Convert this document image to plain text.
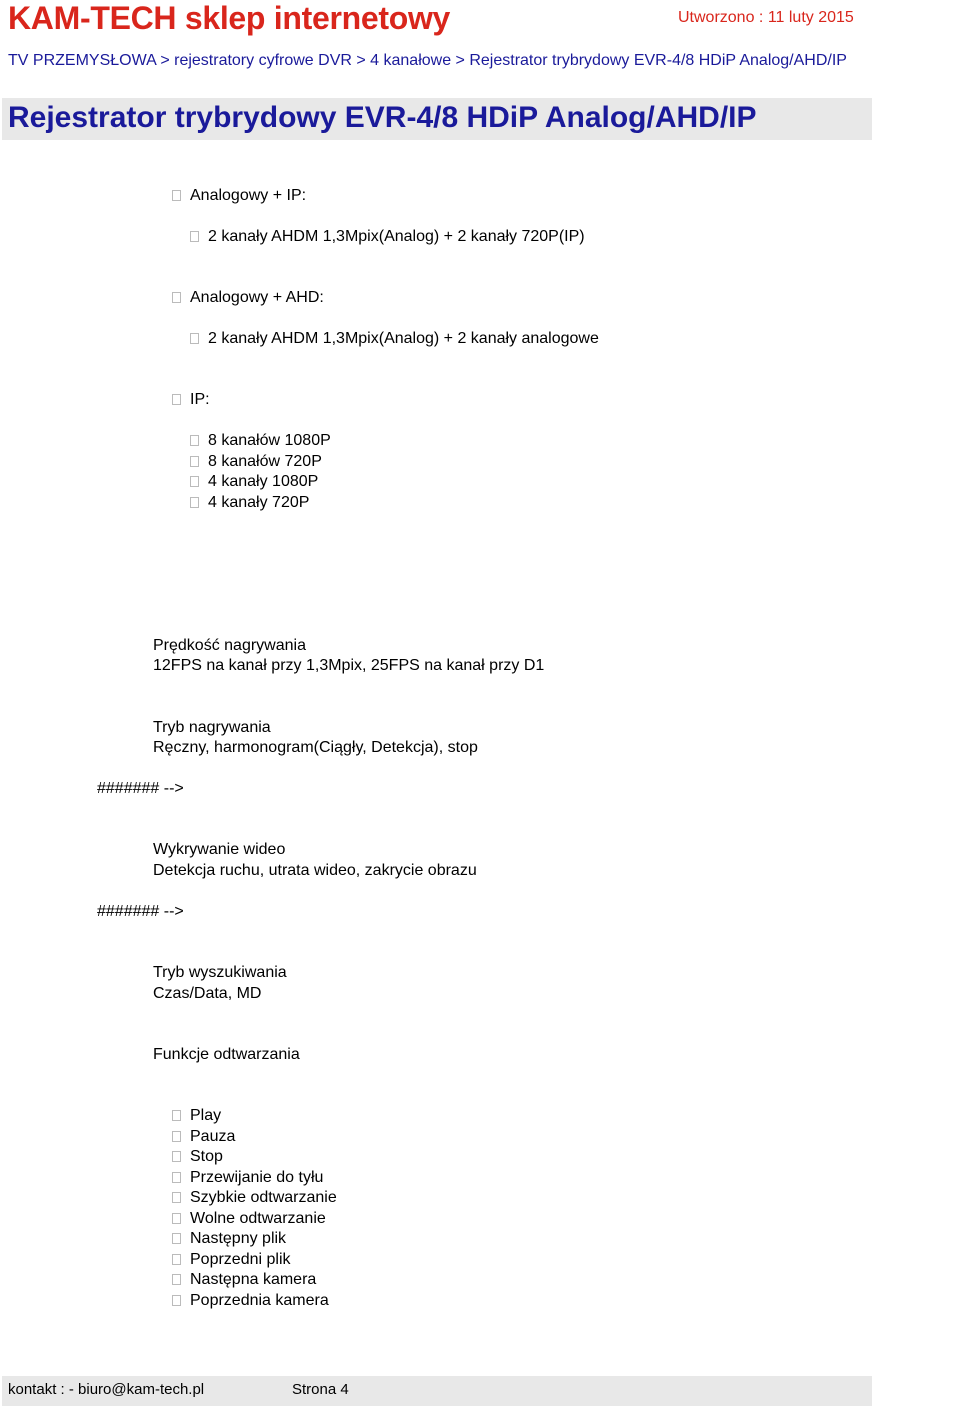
KAM-TECH sklep internetowy	Utworzono : 11 luty 2015
TV PRZEMYSŁOWA > rejestratory cyfrowe DVR > 4 kanałowe > Rejestrator trybrydowy EVR-4/8 HDiP Analog/AHD/IP
Rejestrator trybrydowy EVR-4/8 HDiP Analog/AHD/IP
Analogowy + IP:
2 kanały AHDM 1,3Mpix(Analog) + 2 kanały 720P(IP)
Analogowy + AHD:
2 kanały AHDM 1,3Mpix(Analog) + 2 kanały analogowe
IP:
8 kanałów 1080P
8 kanałów 720P
4 kanały 1080P
4 kanały 720P
Prędkość nagrywania
12FPS na kanał przy 1,3Mpix, 25FPS na kanał przy D1
Tryb nagrywania
Ręczny, harmonogram(Ciągły, Detekcja), stop
####### -->
Wykrywanie wideo
Detekcja ruchu, utrata wideo, zakrycie obrazu
####### -->
Tryb wyszukiwania
Czas/Data, MD
Funkcje odtwarzania
Play
Pauza
Stop
Przewijanie do tyłu
Szybkie odtwarzanie
Wolne odtwarzanie
Następny plik
Poprzedni plik
Następna kamera
Poprzednia kamera
kontakt : - biuro@kam-tech.pl	Strona 4
